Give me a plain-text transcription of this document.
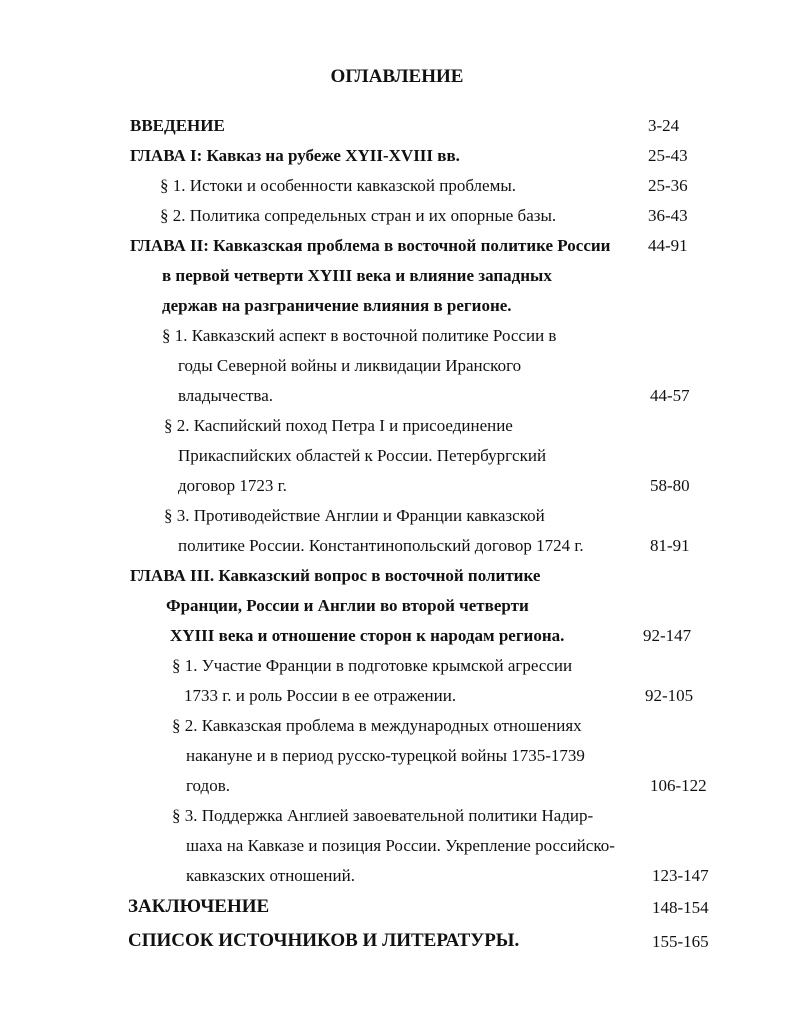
ОГЛАВЛЕНИЕ
ВВЕДЕНИЕ	3-24
ГЛАВА I: Кавказ на рубеже XYII-XVIII вв.	25-43
§ 1. Истоки и особенности кавказской проблемы.	25-36
§ 2. Политика сопредельных стран и их опорные базы.	36-43
ГЛАВА II: Кавказская проблема в восточной политике России 44-91
в первой четверти XYIII века и влияние западных
держав на разграничение влияния в регионе.
§ 1. Кавказский аспект в восточной политике России в
годы Северной войны и ликвидации Иранского
владычества.	44-57
§ 2. Каспийский поход Петра I и присоединение
Прикаспийских областей к России. Петербургский
договор 1723 г.	58-80
§ 3. Противодействие Англии и Франции кавказской
политике России. Константинопольский договор 1724 г.	81-91
ГЛАВА III. Кавказский вопрос в восточной политике
Франции, России и Англии во второй четверти
XYIII века и отношение сторон к народам региона.	92-147
§ 1. Участие Франции в подготовке крымской агрессии
1733 г. и роль России в ее отражении.	92-105
§ 2. Кавказская проблема в международных отношениях
накануне и в период русско-турецкой войны 1735-1739
годов.	106-122
§ 3. Поддержка Англией завоевательной политики Надир-
шаха на Кавказе и позиция России. Укрепление российско-
кавказских отношений.	123-147
ЗАКЛЮЧЕНИЕ	148-154
СПИСОК ИСТОЧНИКОВ И ЛИТЕРАТУРЫ.	155-165
